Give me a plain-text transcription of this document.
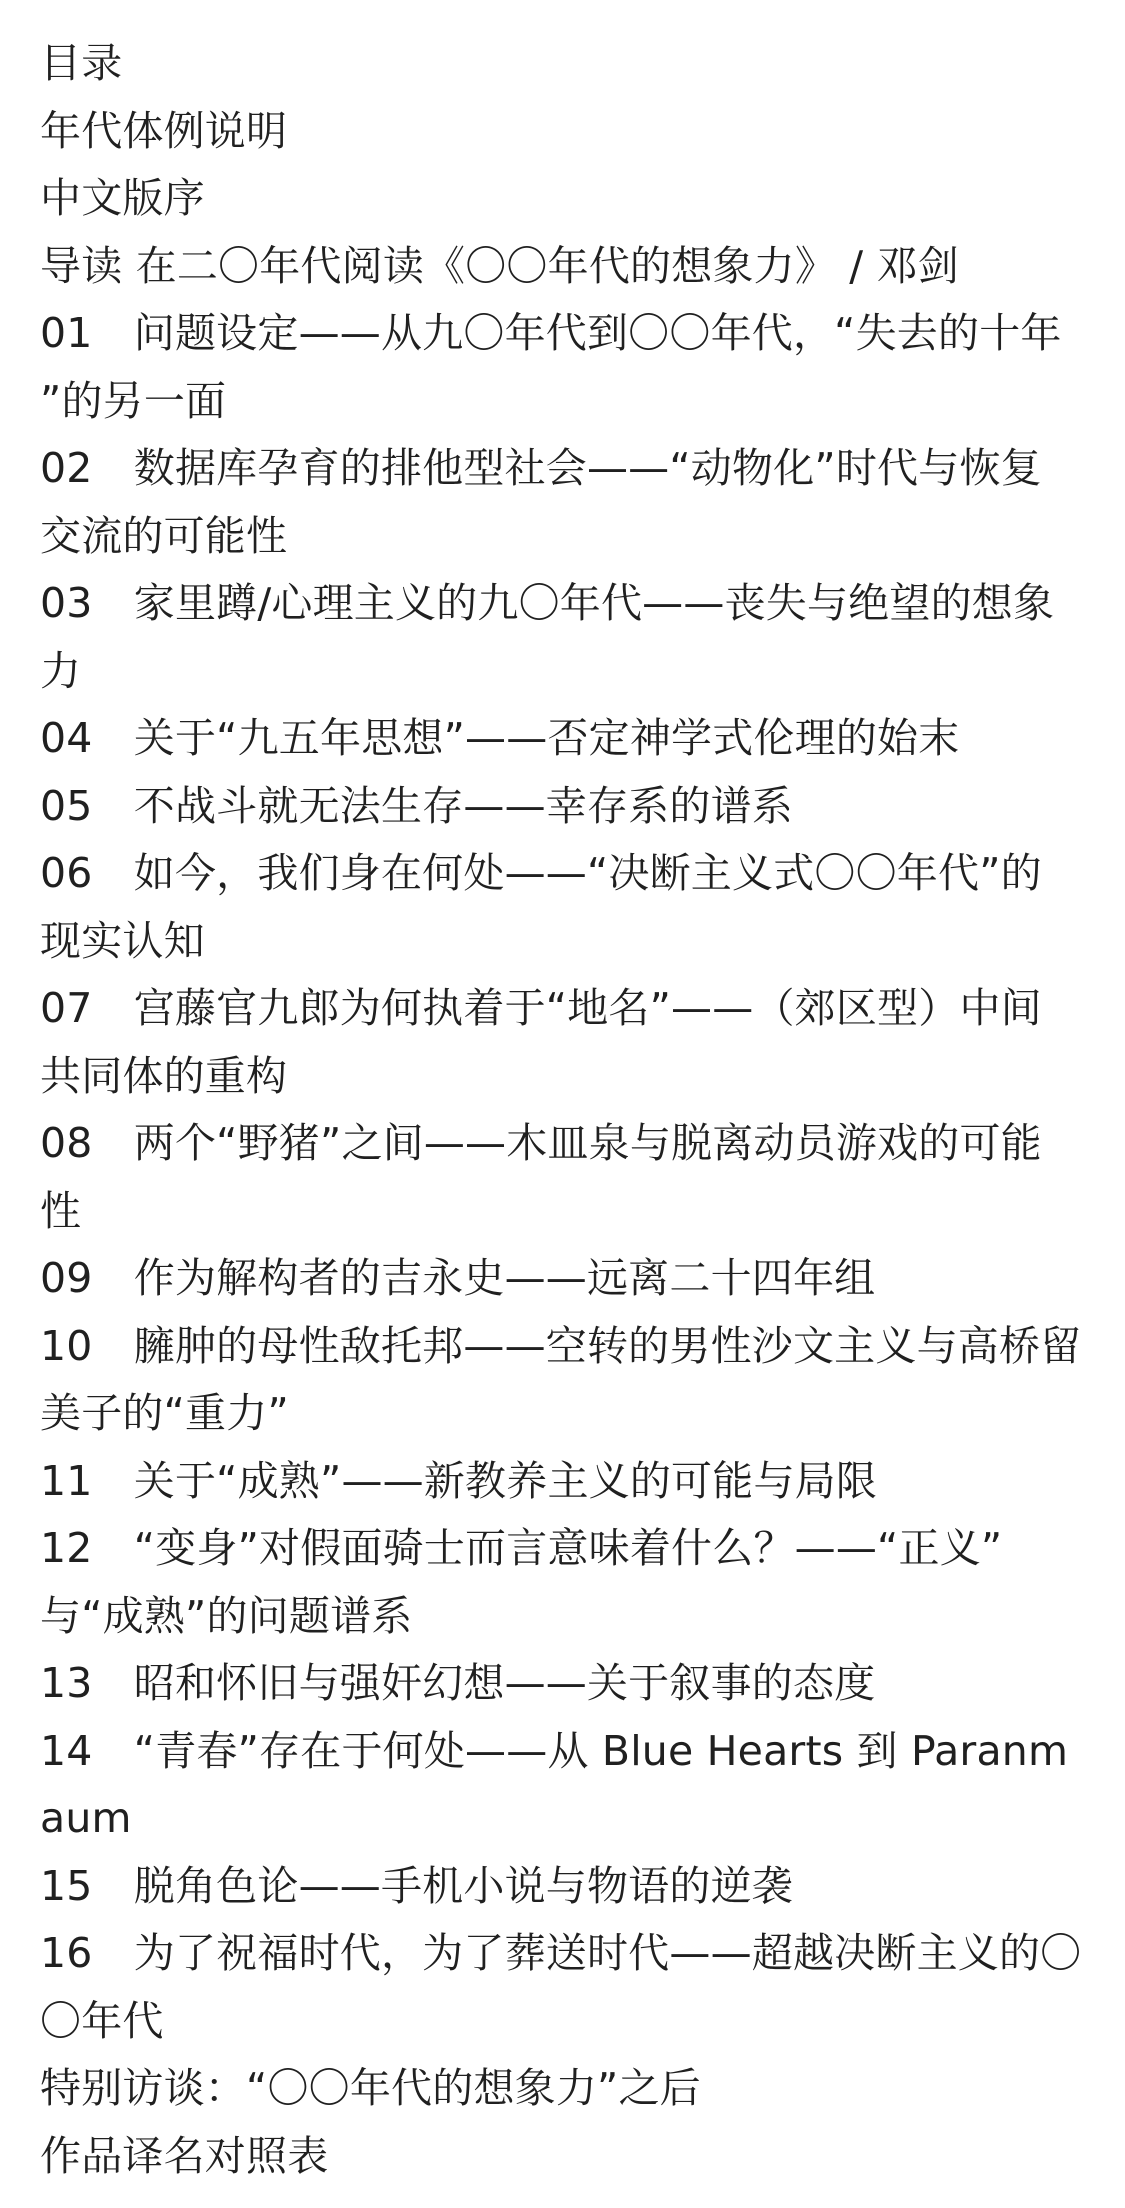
目录
年代体例说明
中文版序
导读 在二〇年代阅读《〇〇年代的想象力》 / 邓剑
01　问题设定——从九〇年代到〇〇年代，“失去的十年
”的另一面
02　数据库孕育的排他型社会——“动物化”时代与恢复
交流的可能性
03　家里蹲/心理主义的九〇年代——丧失与绝望的想象
力
04　关于“九五年思想”——否定神学式伦理的始末
05　不战斗就无法生存——幸存系的谱系
06　如今，我们身在何处——“决断主义式〇〇年代”的
现实认知
07　宫藤官九郎为何执着于“地名”——（郊区型）中间
共同体的重构
08　两个“野猪”之间——木皿泉与脱离动员游戏的可能
性
09　作为解构者的吉永史——远离二十四年组
10　臃肿的母性敌托邦——空转的男性沙文主义与高桥留
美子的“重力”
11　关于“成熟”——新教养主义的可能与局限
12　“变身”对假面骑士而言意味着什么？——“正义”
与“成熟”的问题谱系
13　昭和怀旧与强奸幻想——关于叙事的态度
14　“青春”存在于何处——从 Blue Hearts 到 Paranm
aum
15　脱角色论——手机小说与物语的逆袭
16　为了祝福时代，为了葬送时代——超越决断主义的〇
〇年代
特别访谈：“〇〇年代的想象力”之后
作品译名对照表
